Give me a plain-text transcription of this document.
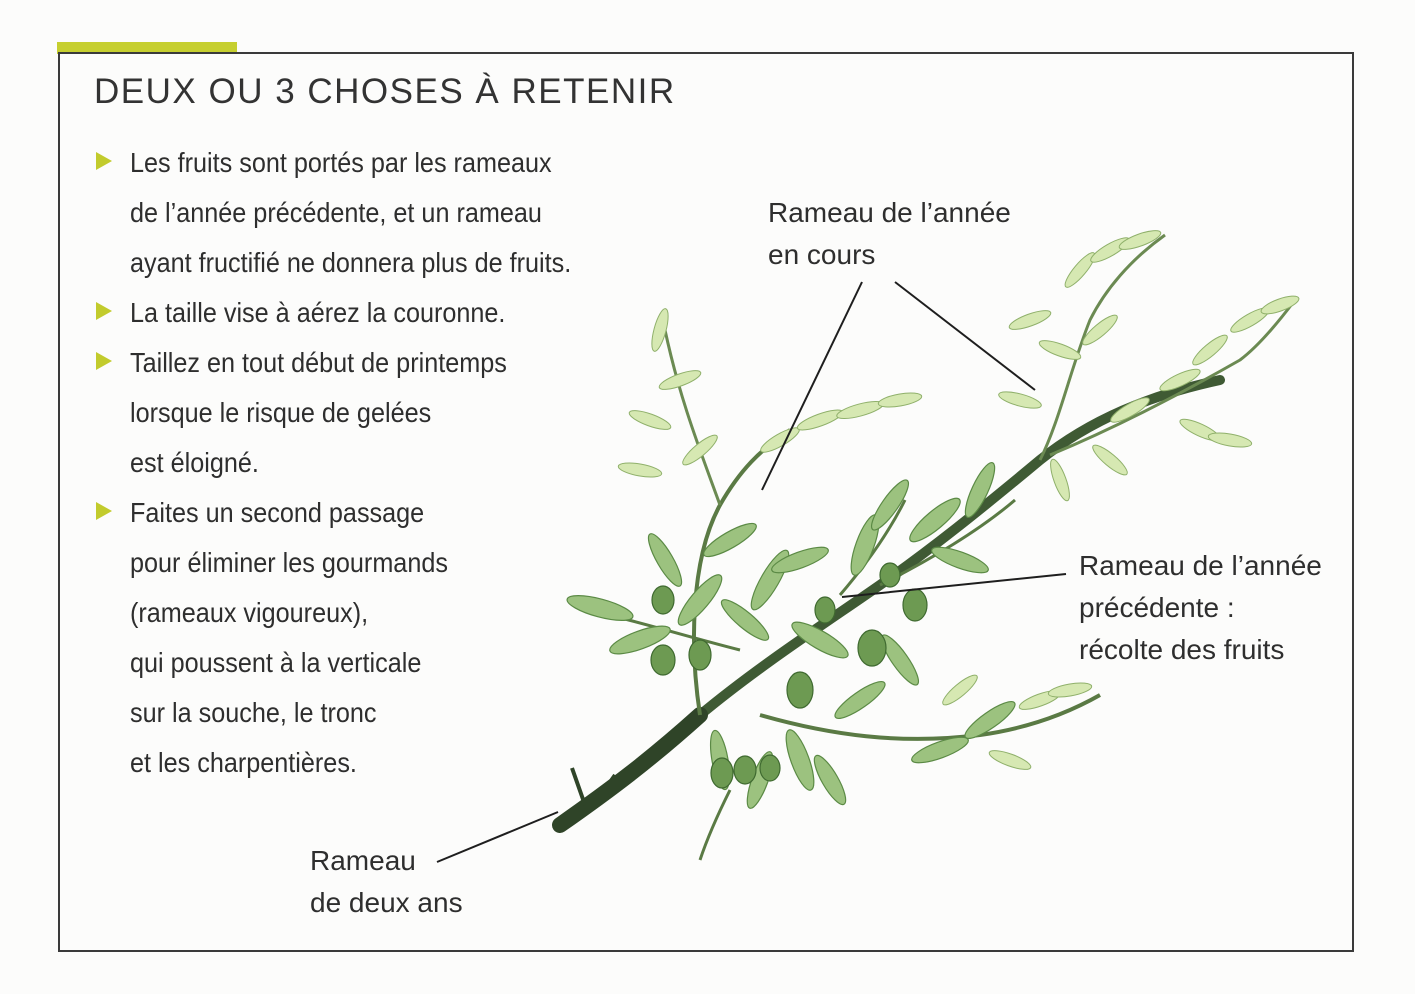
DEUX OU 3 CHOSES À RETENIR
Les fruits sont portés par les rameaux
de l’année précédente, et un rameau
ayant fructifié ne donnera plus de fruits.
La taille vise à aérez la couronne.
Taillez en tout début de printemps
lorsque le risque de gelées
est éloigné.
Faites un second passage
pour éliminer les gourmands
(rameaux vigoureux),
qui poussent à la verticale
sur la souche, le tronc
et les charpentières.
Rameau de l’année
en cours
Rameau de l’année
précédente :
récolte des fruits
Rameau
de deux ans
